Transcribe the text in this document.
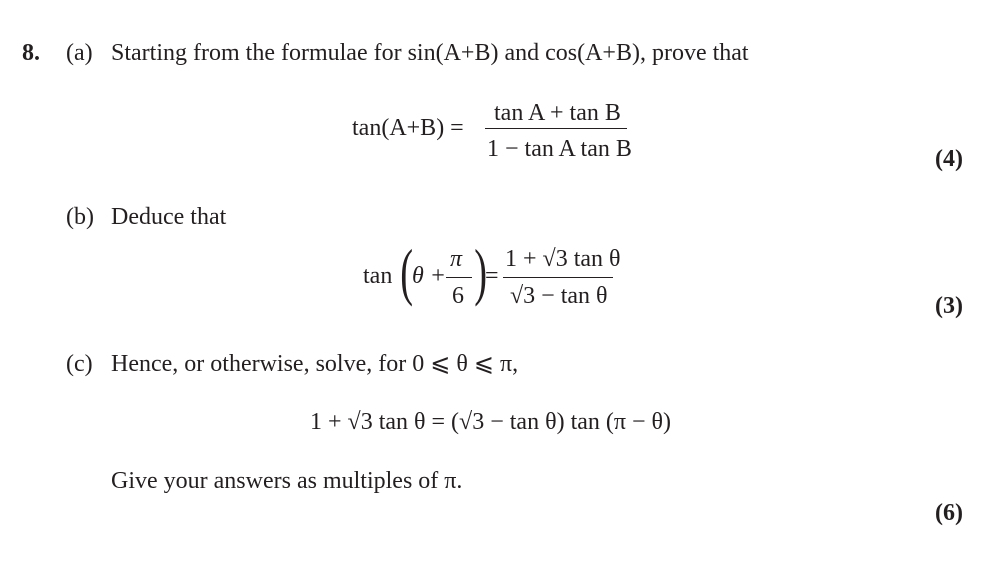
8. (a) Starting from the formulae for sin(A+B) and cos(A+B), prove that
tan(A+B) =
tan A + tan B
1 − tan A tan B	(4)
(b) Deduce that
tan (
θ +
π
6 )
=
1 + √3 tan θ
√3 − tan θ	(3)
(c) Hence, or otherwise, solve, for 0 ⩽ θ ⩽ π,
1 + √3 tan θ = (√3 − tan θ) tan (π − θ)
Give your answers as multiples of π.
(6)
